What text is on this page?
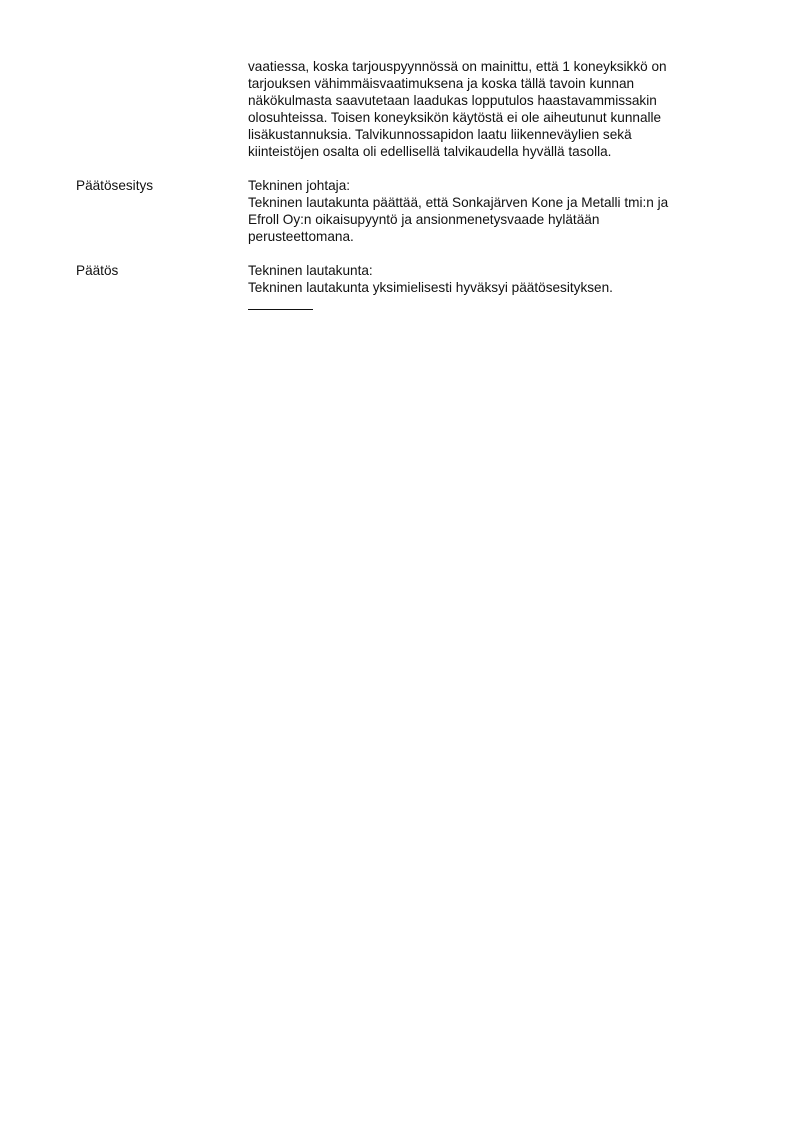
vaatiessa, koska tarjouspyynnössä on mainittu, että 1 koneyksikkö on
tarjouksen vähimmäisvaatimuksena ja koska tällä tavoin kunnan
näkökulmasta saavutetaan laadukas lopputulos haastavammissakin
olosuhteissa. Toisen koneyksikön käytöstä ei ole aiheutunut kunnalle
lisäkustannuksia. Talvikunnossapidon laatu liikenneväylien sekä
kiinteistöjen osalta oli edellisellä talvikaudella hyvällä tasolla.
Päätösesitys	Tekninen johtaja:
Tekninen lautakunta päättää, että Sonkajärven Kone ja Metalli tmi:n ja
Efroll Oy:n oikaisupyyntö ja ansionmenetysvaade hylätään
perusteettomana.
Päätös	Tekninen lautakunta:
Tekninen lautakunta yksimielisesti hyväksyi päätösesityksen.
